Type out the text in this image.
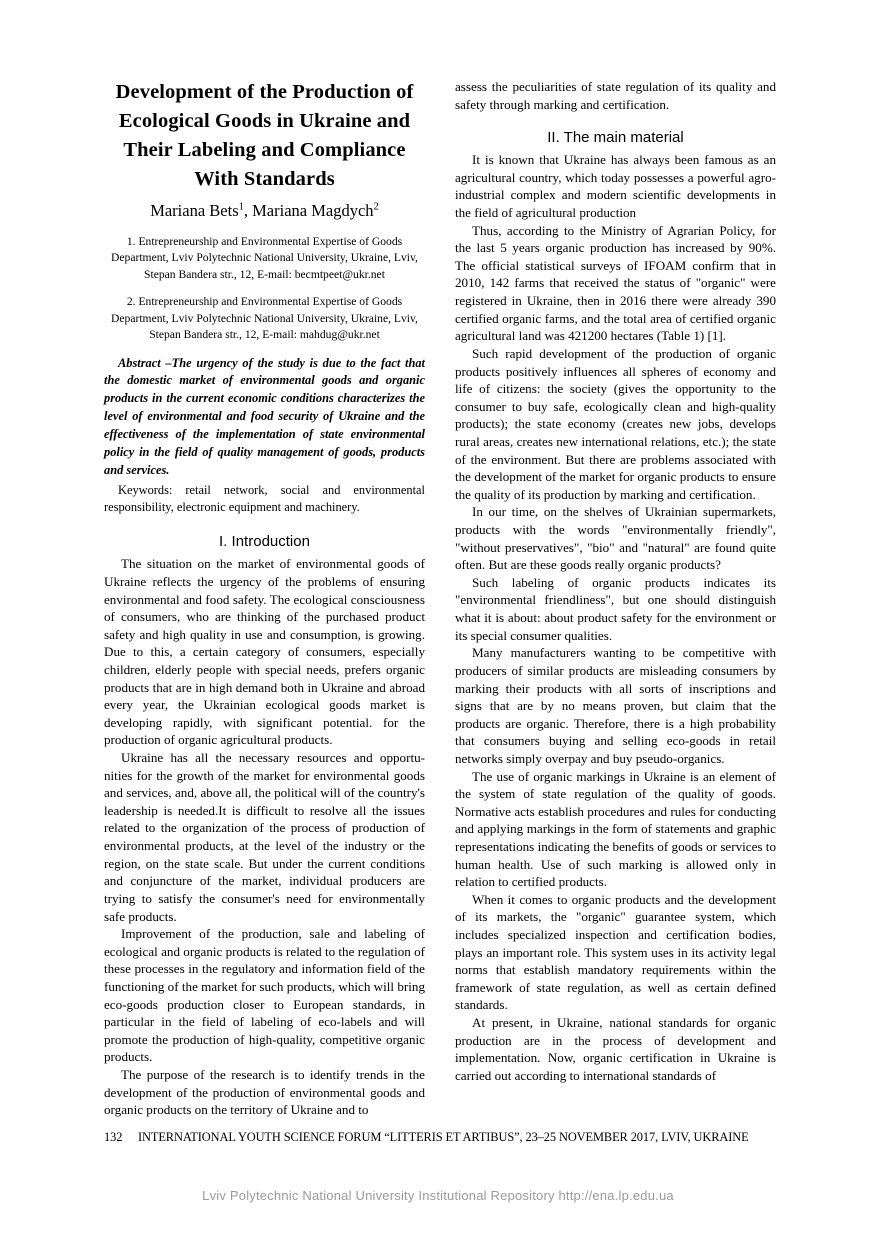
Development of the Production of Ecological Goods in Ukraine and Their Labeling and Compliance With Standards
Mariana Bets$^1$, Mariana Magdych$^2$

1. Entrepreneurship and Environmental Expertise of Goods Department, Lviv Polytechnic National University, Ukraine, Lviv, Stepan Bandera str., 12, E-mail: becmtpeet@ukr.net

2. Entrepreneurship and Environmental Expertise of Goods Department, Lviv Polytechnic National University, Ukraine, Lviv, Stepan Bandera str., 12, E-mail: mahdug@ukr.net

Abstract –The urgency of the study is due to the fact that the domestic market of environmental goods and organic products in the current economic conditions characterizes the level of environmental and food security of Ukraine and the effectiveness of the implementation of state environmental policy in the field of quality management of goods, products and services.

Keywords: retail network, social and environmental responsibility, electronic equipment and machinery.

I. Introduction

The situation on the market of environmental goods of Ukraine reflects the urgency of the problems of ensuring environmental and food safety. The ecological consciousness of consumers, who are thinking of the purchased product safety and high quality in use and consumption, is growing. Due to this, a certain category of consumers, especially children, elderly people with special needs, prefers organic products that are in high demand both in Ukraine and abroad every year, the Ukrainian ecological goods market is developing rapidly, with significant potential. for the production of organic agricultural products.

Ukraine has all the necessary resources and opportu-nities for the growth of the market for environmental goods and services, and, above all, the political will of the country's leadership is needed.It is difficult to resolve all the issues related to the organization of the process of production of environmental products, at the level of the industry or the region, on the state scale. But under the current conditions and conjuncture of the market, individual producers are trying to satisfy the consumer's need for environmentally safe products.

Improvement of the production, sale and labeling of ecological and organic products is related to the regulation of these processes in the regulatory and information field of the functioning of the market for such products, which will bring eco-goods production closer to European standards, in particular in the field of labeling of eco-labels and will promote the production of high-quality, competitive organic products.

The purpose of the research is to identify trends in the development of the production of environmental goods and organic products on the territory of Ukraine and to

assess the peculiarities of state regulation of its quality and safety through marking and certification.

II. The main material

It is known that Ukraine has always been famous as an agricultural country, which today possesses a powerful agro-industrial complex and modern scientific developments in the field of agricultural production

Thus, according to the Ministry of Agrarian Policy, for the last 5 years organic production has increased by 90%. The official statistical surveys of IFOAM confirm that in 2010, 142 farms that received the status of "organic" were registered in Ukraine, then in 2016 there were already 390 certified organic farms, and the total area of certified organic agricultural land was 421200 hectares (Table 1) [1].

Such rapid development of the production of organic products positively influences all spheres of economy and life of citizens: the society (gives the opportunity to the consumer to buy safe, ecologically clean and high-quality products); the state economy (creates new jobs, develops rural areas, creates new international relations, etc.); the state of the environment. But there are problems associated with the development of the market for organic products to ensure the quality of its production by marking and certification.

In our time, on the shelves of Ukrainian supermarkets, products with the words "environmentally friendly", "without preservatives", "bio" and "natural" are found quite often. But are these goods really organic products?

Such labeling of organic products indicates its "environmental friendliness", but one should distinguish what it is about: about product safety for the environment or its special consumer qualities.

Many manufacturers wanting to be competitive with producers of similar products are misleading consumers by marking their products with all sorts of inscriptions and signs that are by no means proven, but claim that the products are organic. Therefore, there is a high probability that consumers buying and selling eco-goods in retail networks simply overpay and buy pseudo-organics.

The use of organic markings in Ukraine is an element of the system of state regulation of the quality of goods. Normative acts establish procedures and rules for conducting and applying markings in the form of statements and graphic representations indicating the benefits of goods or services to human health. Use of such marking is allowed only in relation to certified products.

When it comes to organic products and the development of its markets, the "organic" guarantee system, which includes specialized inspection and certification bodies, plays an important role. This system uses in its activity legal norms that establish mandatory requirements within the framework of state regulation, as well as certain defined standards.

At present, in Ukraine, national standards for organic production are in the process of development and implementation. Now, organic certification in Ukraine is carried out according to international standards of

132 INTERNATIONAL YOUTH SCIENCE FORUM “LITTERIS ET ARTIBUS”, 23–25 NOVEMBER 2017, LVIV, UKRAINE
Lviv Polytechnic National University Institutional Repository http://ena.lp.edu.ua
